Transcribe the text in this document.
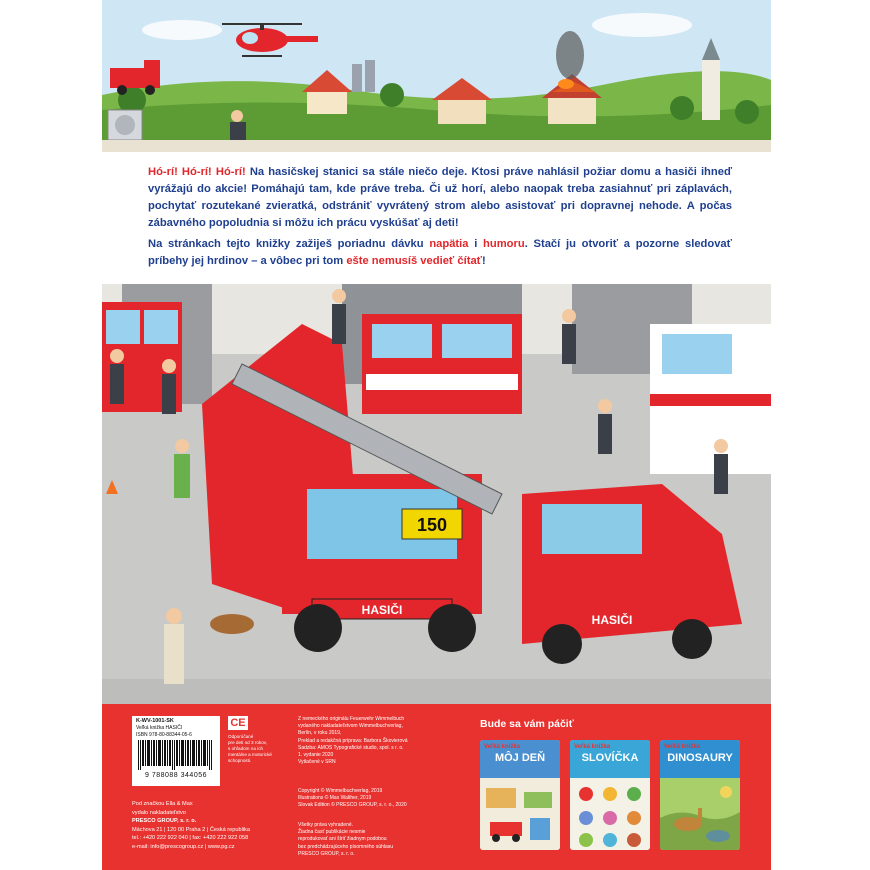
Hó-rí! Hó-rí! Hó-rí! Na hasičskej stanici sa stále niečo deje. Ktosi práve nahlásil požiar domu a hasiči ihneď vyrážajú do akcie! Pomáhajú tam, kde práve treba. Či už horí, alebo naopak treba zasiahnuť pri záplavách, pochytať rozutekané zvieratká, odstrániť vyvrátený strom alebo asistovať pri dopravnej nehode. A počas zábavného popoludnia si môžu ich prácu vyskúšať aj deti!
Na stránkach tejto knižky zažiješ poriadnu dávku napätia i humoru. Stačí ju otvoriť a pozorne sledovať príbehy jej hrdinov – a vôbec pri tom ešte nemusíš vedieť čítať!
150
HASIČI
HASIČI
K-WV-1001-SK
Veľká knižka HASIČI
ISBN 978-80-88344-05-6
9 788088 344056
CE
Odporúčané
pre deti od 3 rokov,
s ohľadom na ich
mentálne a motorické
schopnosti.
Pod značkou Ella & Max
vydalo nakladateľstvo
PRESCO GROUP, s. r. o.
Máchova 21 | 120 00 Praha 2 | Česká republika
tel.: +420 222 922 040 | fax: +420 222 922 058
e-mail: info@prescogroup.cz | www.pg.cz
Z nemeckého originálu Feuerwehr Wimmelbuch
vydaného nakladateľstvom Wimmelbuchverlag,
Berlín, v roku 2019,
Preklad a redakčná príprava: Barbora Škovierová
Sadzba: AMOS Typografické studio, spol. s r. o.
1. vydanie 2020
Vytlačené v SRN
Copyright © Wimmelbuchverlag, 2019
Illustrations © Max Walther, 2019
Slovak Edition © PRESCO GROUP, s. r. o., 2020
Všetky práva vyhradené.
Žiadna časť publikácie nesmie
reprodukovať ani šíriť žiadnym podobou
bez predchádzajúceho písomného súhlasu
PRESCO GROUP, s. r. o.
Bude sa vám páčiť
Veľká knižka
MÔJ DEŇ
Veľká knižka
SLOVÍČKA
Veľká knižka
DINOSAURY
